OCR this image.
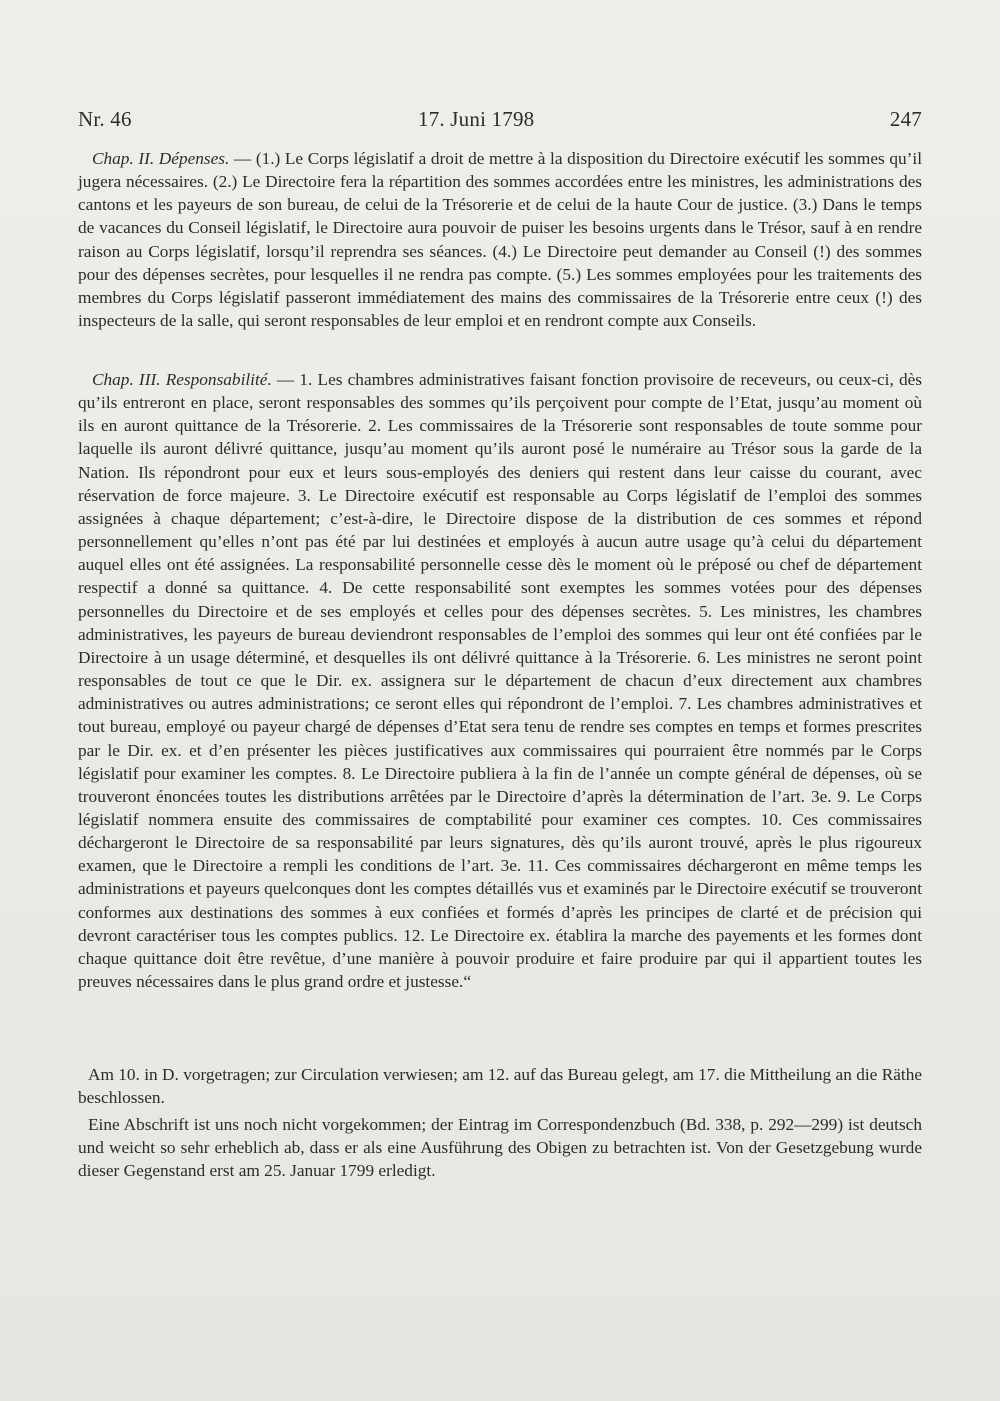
Nr. 46	17. Juni 1798	247
Chap. II. Dépenses. — (1.) Le Corps législatif a droit de mettre à la disposition du Directoire exécutif les sommes qu’il jugera nécessaires. (2.) Le Directoire fera la répartition des sommes accordées entre les ministres, les administrations des cantons et les payeurs de son bureau, de celui de la Trésorerie et de celui de la haute Cour de justice. (3.) Dans le temps de vacances du Conseil législatif, le Directoire aura pouvoir de puiser les besoins urgents dans le Trésor, sauf à en rendre raison au Corps législatif, lorsqu’il reprendra ses séances. (4.) Le Directoire peut demander au Conseil (!) des sommes pour des dépenses secrètes, pour lesquelles il ne rendra pas compte. (5.) Les sommes employées pour les traitements des membres du Corps législatif passeront immédiatement des mains des commissaires de la Trésorerie entre ceux (!) des inspecteurs de la salle, qui seront responsables de leur emploi et en rendront compte aux Conseils.
Chap. III. Responsabilité. — 1. Les chambres administratives faisant fonction provisoire de receveurs, ou ceux-ci, dès qu’ils entreront en place, seront responsables des sommes qu’ils perçoivent pour compte de l’Etat, jusqu’au moment où ils en auront quittance de la Trésorerie. 2. Les commissaires de la Trésorerie sont responsables de toute somme pour laquelle ils auront délivré quittance, jusqu’au moment qu’ils auront posé le numéraire au Trésor sous la garde de la Nation. Ils répondront pour eux et leurs sous-employés des deniers qui restent dans leur caisse du courant, avec réservation de force majeure. 3. Le Directoire exécutif est responsable au Corps législatif de l’emploi des sommes assignées à chaque département; c’est-à-dire, le Directoire dispose de la distribution de ces sommes et répond personnellement qu’elles n’ont pas été par lui destinées et employés à aucun autre usage qu’à celui du département auquel elles ont été assignées. La responsabilité personnelle cesse dès le moment où le préposé ou chef de département respectif a donné sa quittance. 4. De cette responsabilité sont exemptes les sommes votées pour des dépenses personnelles du Directoire et de ses employés et celles pour des dépenses secrètes. 5. Les ministres, les chambres administratives, les payeurs de bureau deviendront responsables de l’emploi des sommes qui leur ont été confiées par le Directoire à un usage déterminé, et desquelles ils ont délivré quittance à la Trésorerie. 6. Les ministres ne seront point responsables de tout ce que le Dir. ex. assignera sur le département de chacun d’eux directement aux chambres administratives ou autres administrations; ce seront elles qui répondront de l’emploi. 7. Les chambres administratives et tout bureau, employé ou payeur chargé de dépenses d’Etat sera tenu de rendre ses comptes en temps et formes prescrites par le Dir. ex. et d’en présenter les pièces justificatives aux commissaires qui pourraient être nommés par le Corps législatif pour examiner les comptes. 8. Le Directoire publiera à la fin de l’année un compte général de dépenses, où se trouveront énoncées toutes les distributions arrêtées par le Directoire d’après la détermination de l’art. 3e. 9. Le Corps législatif nommera ensuite des commissaires de comptabilité pour examiner ces comptes. 10. Ces commissaires déchargeront le Directoire de sa responsabilité par leurs signatures, dès qu’ils auront trouvé, après le plus rigoureux examen, que le Directoire a rempli les conditions de l’art. 3e. 11. Ces commissaires déchargeront en même temps les administrations et payeurs quelconques dont les comptes détaillés vus et examinés par le Directoire exécutif se trouveront conformes aux destinations des sommes à eux confiées et formés d’après les principes de clarté et de précision qui devront caractériser tous les comptes publics. 12. Le Directoire ex. établira la marche des payements et les formes dont chaque quittance doit être revêtue, d’une manière à pouvoir produire et faire produire par qui il appartient toutes les preuves nécessaires dans le plus grand ordre et justesse.“
Am 10. in D. vorgetragen; zur Circulation verwiesen; am 12. auf das Bureau gelegt, am 17. die Mittheilung an die Räthe beschlossen.
Eine Abschrift ist uns noch nicht vorgekommen; der Eintrag im Correspondenzbuch (Bd. 338, p. 292—299) ist deutsch und weicht so sehr erheblich ab, dass er als eine Ausführung des Obigen zu betrachten ist. Von der Gesetzgebung wurde dieser Gegenstand erst am 25. Januar 1799 erledigt.
